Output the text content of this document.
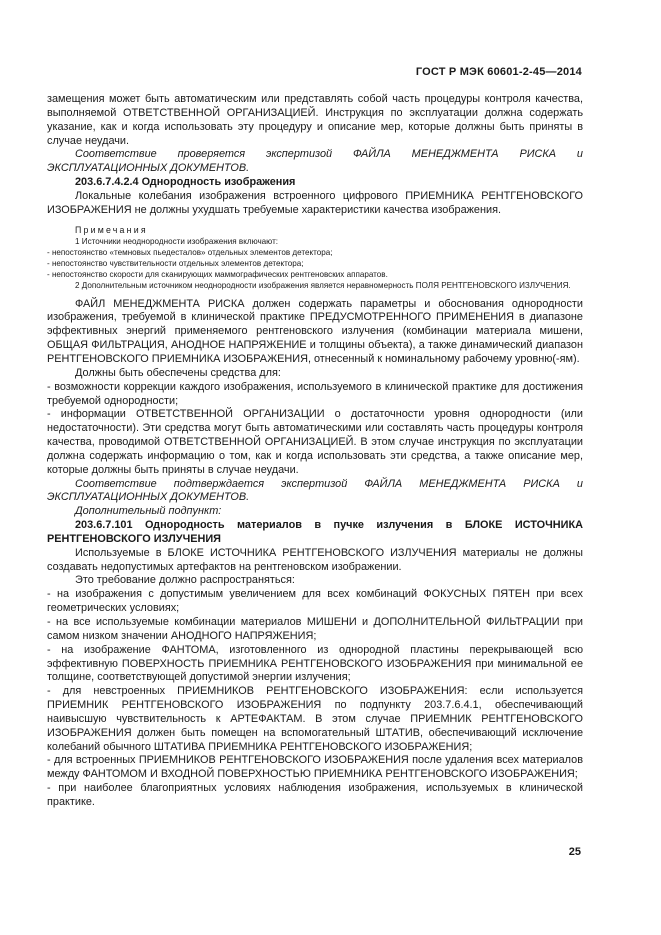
ГОСТ Р МЭК 60601-2-45—2014

замещения может быть автоматическим или представлять собой часть процедуры контроля качества, выполняемой ОТВЕТСТВЕННОЙ ОРГАНИЗАЦИЕЙ. Инструкция по эксплуатации должна содержать указание, как и когда использовать эту процедуру и описание мер, которые должны быть приняты в случае неудачи.

Соответствие проверяется экспертизой ФАЙЛА МЕНЕДЖМЕНТА РИСКА и

ЭКСПЛУАТАЦИОННЫХ ДОКУМЕНТОВ.

203.6.7.4.2.4 Однородность изображения

Локальные колебания изображения встроенного цифрового ПРИЕМНИКА РЕНТГЕНОВСКОГО ИЗОБРАЖЕНИЯ не должны ухудшать требуемые характеристики качества изображения.

Примечания

1 Источники неоднородности изображения включают:

- непостоянство «темновых пьедесталов» отдельных элементов детектора;

- непостоянство чувствительности отдельных элементов детектора;

- непостоянство скорости для сканирующих маммографических рентгеновских аппаратов.

2 Дополнительным источником неоднородности изображения является неравномерность ПОЛЯ РЕНТГЕНОВСКОГО ИЗЛУЧЕНИЯ.

ФАЙЛ МЕНЕДЖМЕНТА РИСКА должен содержать параметры и обоснования однородности изображения, требуемой в клинической практике ПРЕДУСМОТРЕННОГО ПРИМЕНЕНИЯ в диапазоне эффективных энергий применяемого рентгеновского излучения (комбинации материала мишени, ОБЩАЯ ФИЛЬТРАЦИЯ, АНОДНОЕ НАПРЯЖЕНИЕ и толщины объекта), а также динамический диапазон РЕНТГЕНОВСКОГО ПРИЕМНИКА ИЗОБРАЖЕНИЯ, отнесенный к номинальному рабочему уровню(-ям).

Должны быть обеспечены средства для:

- возможности коррекции каждого изображения, используемого в клинической практике для достижения требуемой однородности;

- информации ОТВЕТСТВЕННОЙ ОРГАНИЗАЦИИ о достаточности уровня однородности (или недостаточности). Эти средства могут быть автоматическими или составлять часть процедуры контроля качества, проводимой ОТВЕТСТВЕННОЙ ОРГАНИЗАЦИЕЙ. В этом случае инструкция по эксплуатации должна содержать информацию о том, как и когда использовать эти средства, а также описание мер, которые должны быть приняты в случае неудачи.

Соответствие подтверждается экспертизой ФАЙЛА МЕНЕДЖМЕНТА РИСКА и

ЭКСПЛУАТАЦИОННЫХ ДОКУМЕНТОВ.

Дополнительный подпункт:

203.6.7.101 Однородность материалов в пучке излучения в БЛОКЕ ИСТОЧНИКА РЕНТГЕНОВСКОГО ИЗЛУЧЕНИЯ

Используемые в БЛОКЕ ИСТОЧНИКА РЕНТГЕНОВСКОГО ИЗЛУЧЕНИЯ материалы не должны создавать недопустимых артефактов на рентгеновском изображении.

Это требование должно распространяться:

- на изображения с допустимым увеличением для всех комбинаций ФОКУСНЫХ ПЯТЕН при всех геометрических условиях;

- на все используемые комбинации материалов МИШЕНИ и ДОПОЛНИТЕЛЬНОЙ ФИЛЬТРАЦИИ при самом низком значении АНОДНОГО НАПРЯЖЕНИЯ;

- на изображение ФАНТОМА, изготовленного из однородной пластины перекрывающей всю эффективную ПОВЕРХНОСТЬ ПРИЕМНИКА РЕНТГЕНОВСКОГО ИЗОБРАЖЕНИЯ при минимальной ее толщине, соответствующей допустимой энергии излучения;

- для невстроенных ПРИЕМНИКОВ РЕНТГЕНОВСКОГО ИЗОБРАЖЕНИЯ: если используется ПРИЕМНИК РЕНТГЕНОВСКОГО ИЗОБРАЖЕНИЯ по подпункту 203.7.6.4.1, обеспечивающий наивысшую чувствительность к АРТЕФАКТАМ. В этом случае ПРИЕМНИК РЕНТГЕНОВСКОГО ИЗОБРАЖЕНИЯ должен быть помещен на вспомогательный ШТАТИВ, обеспечивающий исключение колебаний обычного ШТАТИВА ПРИЕМНИКА РЕНТГЕНОВСКОГО ИЗОБРАЖЕНИЯ;

- для встроенных ПРИЕМНИКОВ РЕНТГЕНОВСКОГО ИЗОБРАЖЕНИЯ после удаления всех материалов между ФАНТОМОМ И ВХОДНОЙ ПОВЕРХНОСТЬЮ ПРИЕМНИКА РЕНТГЕНОВСКОГО ИЗОБРАЖЕНИЯ;

- при наиболее благоприятных условиях наблюдения изображения, используемых в клинической практике.

25
